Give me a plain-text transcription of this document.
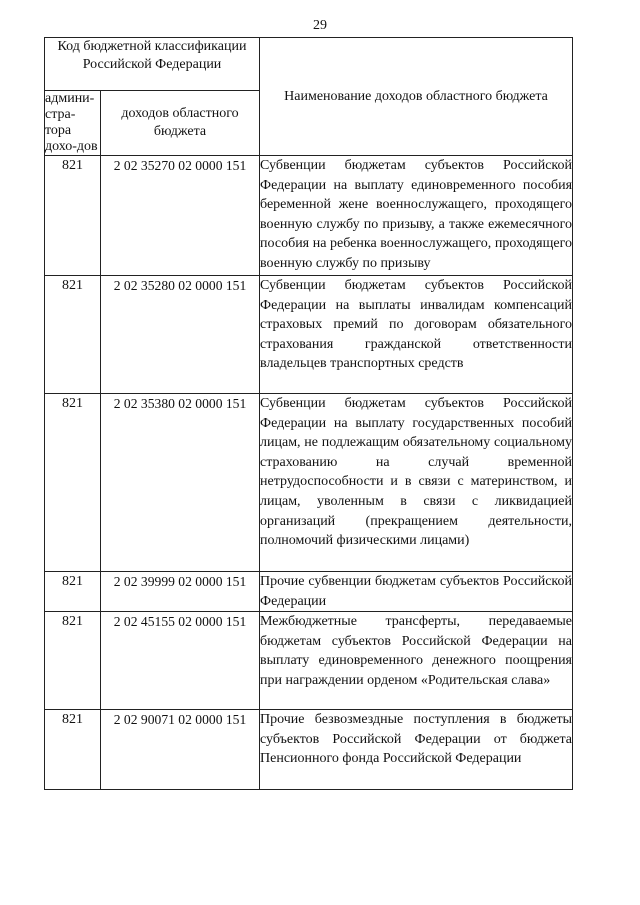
29
Код бюджетной классификации Российской Федерации		Наименование доходов областного бюджета
админи-стра-тора дохо-дов	доходов областного бюджета	
821	2 02 35270 02 0000 151	Субвенции бюджетам субъектов Российской Федерации на выплату единовременного пособия беременной жене военнослужащего, проходящего военную службу по призыву, а также ежемесячного пособия на ребенка военнослужащего, проходящего военную службу по призыву
821	2 02 35280 02 0000 151	Субвенции бюджетам субъектов Российской Федерации на выплаты инвалидам компенсаций страховых премий по договорам обязательного страхования гражданской ответственности владельцев транспортных средств
821	2 02 35380 02 0000 151	Субвенции бюджетам субъектов Российской Федерации на выплату государственных пособий лицам, не подлежащим обязательному социальному страхованию на случай временной нетрудоспособности и в связи с материнством, и лицам, уволенным в связи с ликвидацией организаций (прекращением деятельности, полномочий физическими лицами)
821	2 02 39999 02 0000 151	Прочие субвенции бюджетам субъектов Российской Федерации
821	2 02 45155 02 0000 151	Межбюджетные трансферты, передаваемые бюджетам субъектов Российской Федерации на выплату единовременного денежного поощрения при награждении орденом «Родительская слава»
821	2 02 90071 02 0000 151	Прочие безвозмездные поступления в бюджеты субъектов Российской Федерации от бюджета Пенсионного фонда Российской Федерации
